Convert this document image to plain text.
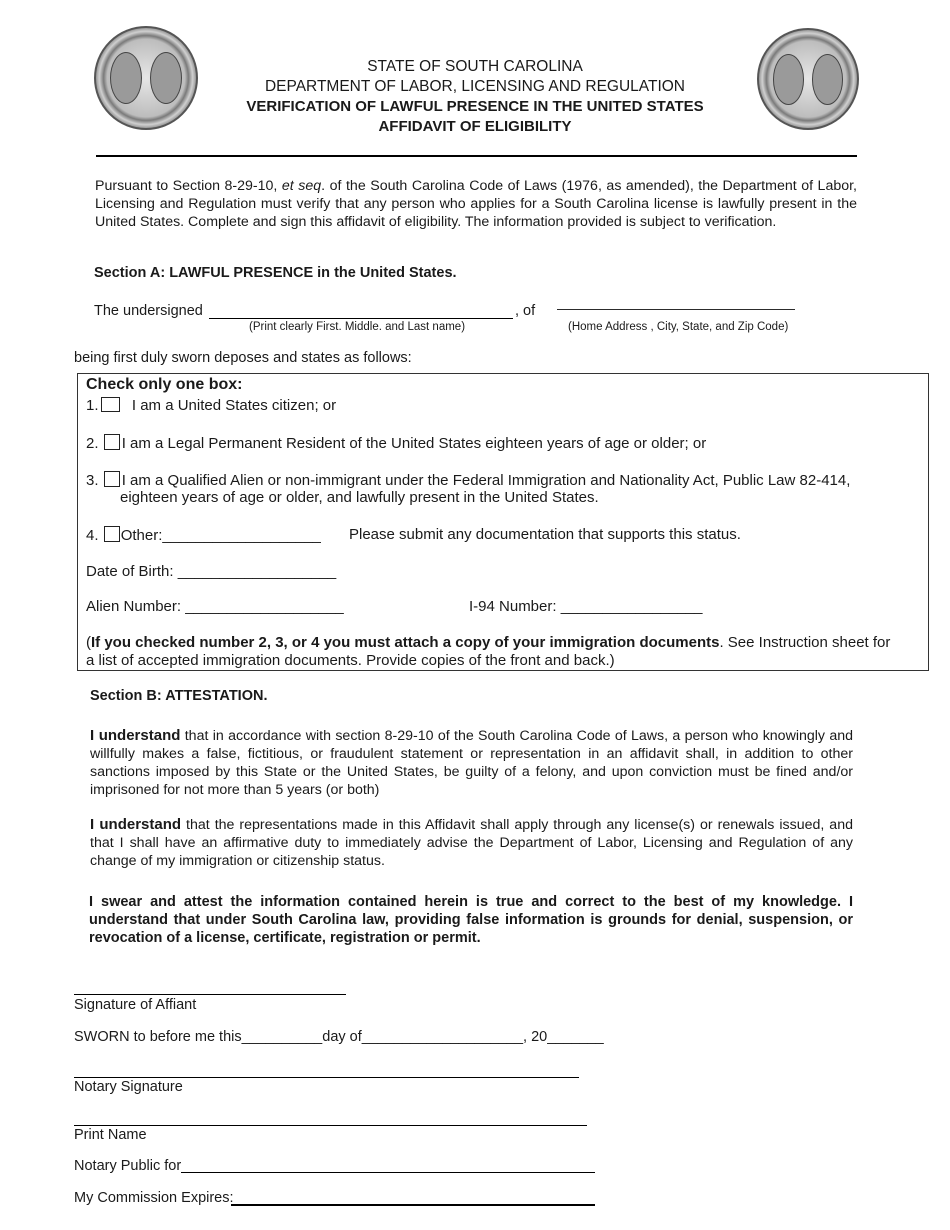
STATE OF SOUTH CAROLINA
DEPARTMENT OF LABOR, LICENSING AND REGULATION
VERIFICATION OF LAWFUL PRESENCE IN THE UNITED STATES
AFFIDAVIT OF ELIGIBILITY
Pursuant to Section 8-29-10, et seq. of the South Carolina Code of Laws (1976, as amended), the Department of Labor, Licensing and Regulation must verify that any person who applies for a South Carolina license is lawfully present in the United States. Complete and sign this affidavit of eligibility. The information provided is subject to verification.
Section A: LAWFUL PRESENCE in the United States.
The undersigned	, of —————————————————
(Print clearly First. Middle. and Last name)	(Home Address , City, State, and Zip Code)
being first duly sworn deposes and states as follows:
Check only one box:
1. I am a United States citizen; or
2. I am a Legal Permanent Resident of the United States eighteen years of age or older; or
3. I am a Qualified Alien or non-immigrant under the Federal Immigration and Nationality Act, Public Law 82-414,
eighteen years of age or older, and lawfully present in the United States.
4. Other:___________________ Please submit any documentation that supports this status.
Date of Birth: ___________________
Alien Number: ___________________	I-94 Number: _________________
(If you checked number 2, 3, or 4 you must attach a copy of your immigration documents. See Instruction sheet for
a list of accepted immigration documents. Provide copies of the front and back.)
Section B: ATTESTATION.
I understand that in accordance with section 8-29-10 of the South Carolina Code of Laws, a person who knowingly and willfully makes a false, fictitious, or fraudulent statement or representation in an affidavit shall, in addition to other sanctions imposed by this State or the United States, be guilty of a felony, and upon conviction must be fined and/or imprisoned for not more than 5 years (or both)
I understand that the representations made in this Affidavit shall apply through any license(s) or renewals issued, and that I shall have an affirmative duty to immediately advise the Department of Labor, Licensing and Regulation of any change of my immigration or citizenship status.
I swear and attest the information contained herein is true and correct to the best of my knowledge. I understand that under South Carolina law, providing false information is grounds for denial, suspension, or revocation of a license, certificate, registration or permit.
Signature of Affiant
SWORN to before me this__________day of____________________, 20_______
Notary Signature
Print Name
Notary Public for
My Commission Expires:
